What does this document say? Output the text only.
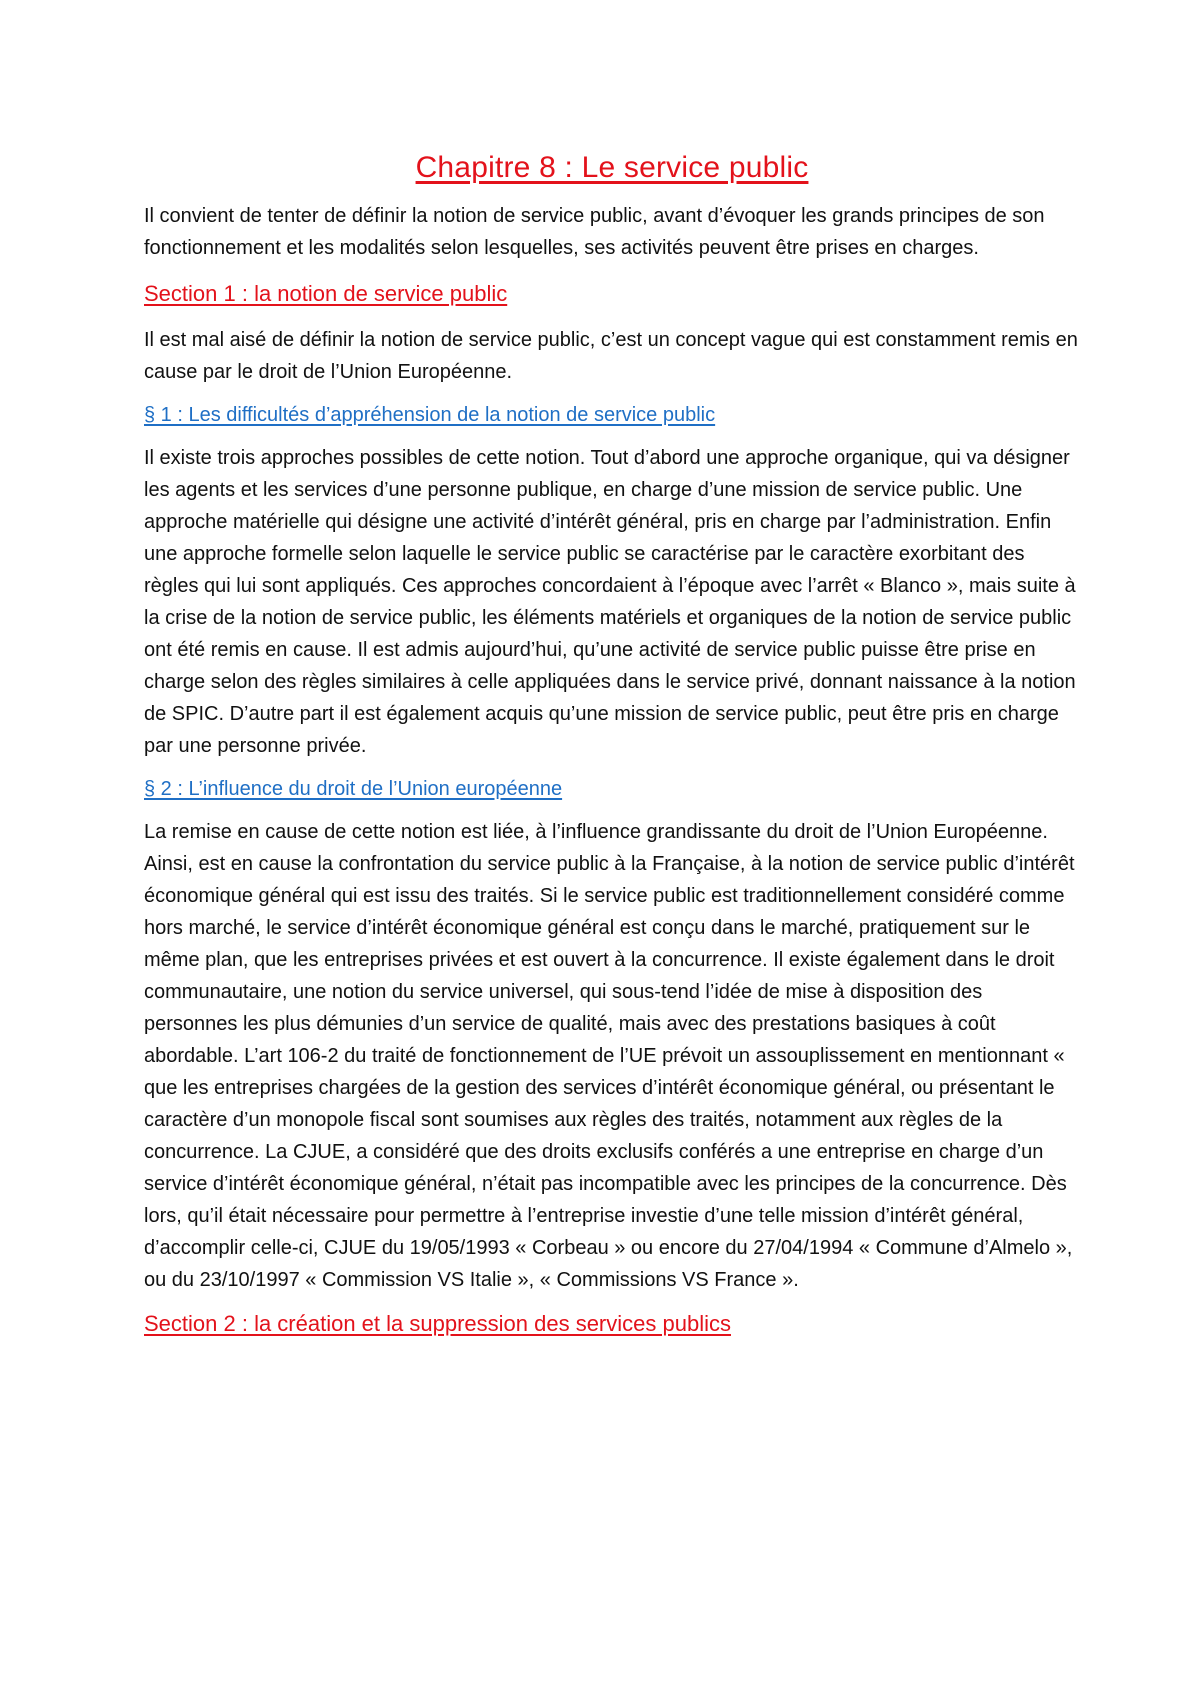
Chapitre 8 : Le service public

Il convient de tenter de définir la notion de service public, avant d’évoquer les grands principes de son fonctionnement et les modalités selon lesquelles, ses activités peuvent être prises en charges.

Section 1 : la notion de service public

Il est mal aisé de définir la notion de service public, c’est un concept vague qui est constamment remis en cause par le droit de l’Union Européenne.

§ 1 : Les difficultés d’appréhension de la notion de service public

Il existe trois approches possibles de cette notion. Tout d’abord une approche organique, qui va désigner les agents et les services d’une personne publique, en charge d’une mission de service public. Une approche matérielle qui désigne une activité d’intérêt général, pris en charge par l’administration. Enfin une approche formelle selon laquelle le service public se caractérise par le caractère exorbitant des règles qui lui sont appliqués. Ces approches concordaient à l’époque avec l’arrêt « Blanco », mais suite à la crise de la notion de service public, les éléments matériels et organiques de la notion de service public ont été remis en cause. Il est admis aujourd’hui, qu’une activité de service public puisse être prise en charge selon des règles similaires à celle appliquées dans le service privé, donnant naissance à la notion de SPIC. D’autre part il est également acquis qu’une mission de service public, peut être pris en charge par une personne privée.

§ 2 : L’influence du droit de l’Union européenne

La remise en cause de cette notion est liée, à l’influence grandissante du droit de l’Union Européenne. Ainsi, est en cause la confrontation du service public à la Française, à la notion de service public d’intérêt économique général qui est issu des traités. Si le service public est traditionnellement considéré comme hors marché, le service d’intérêt économique général est conçu dans le marché, pratiquement sur le même plan, que les entreprises privées et est ouvert à la concurrence. Il existe également dans le droit communautaire, une notion du service universel, qui sous-tend l’idée de mise à disposition des personnes les plus démunies d’un service de qualité, mais avec des prestations basiques à coût abordable. L’art 106-2 du traité de fonctionnement de l’UE prévoit un assouplissement en mentionnant « que les entreprises chargées de la gestion des services d’intérêt économique général, ou présentant le caractère d’un monopole fiscal sont soumises aux règles des traités, notamment aux règles de la concurrence. La CJUE, a considéré que des droits exclusifs conférés a une entreprise en charge d’un service d’intérêt économique général, n’était pas incompatible avec les principes de la concurrence. Dès lors, qu’il était nécessaire pour permettre à l’entreprise investie d’une telle mission d’intérêt général, d’accomplir celle-ci, CJUE du 19/05/1993 « Corbeau » ou encore du 27/04/1994 « Commune d’Almelo », ou du 23/10/1997 « Commission VS Italie », « Commissions VS France ».

Section 2 : la création et la suppression des services publics
